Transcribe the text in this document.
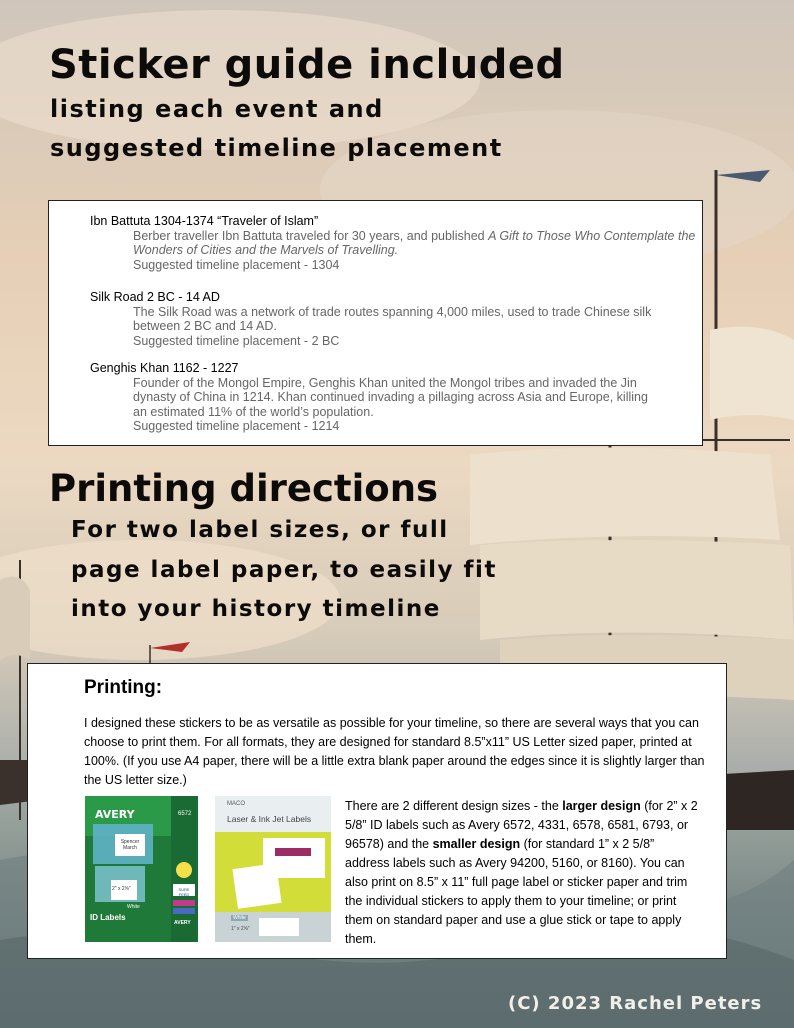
Sticker guide included
listing each event and
suggested timeline placement
Ibn Battuta 1304-1374 “Traveler of Islam”
Berber traveller Ibn Battuta traveled for 30 years, and published A Gift to Those Who Contemplate the Wonders of Cities and the Marvels of Travelling.
Suggested timeline placement - 1304
Silk Road 2 BC - 14 AD
The Silk Road was a network of trade routes spanning 4,000 miles, used to trade Chinese silk between 2 BC and 14 AD.
Suggested timeline placement - 2 BC
Genghis Khan 1162 - 1227
Founder of the Mongol Empire, Genghis Khan united the Mongol tribes and invaded the Jin dynasty of China in 1214. Khan continued invading a pillaging across Asia and Europe, killing an estimated 11% of the world’s population.
Suggested timeline placement - 1214
Printing directions
For two label sizes, or full
page label paper, to easily fit
into your history timeline
Printing:
I designed these stickers to be as versatile as possible for your timeline, so there are several ways that you can choose to print them. For all formats, they are designed for standard 8.5”x11” US Letter sized paper, printed at 100%. (If you use A4 paper, there will be a little extra blank paper around the edges since it is slightly larger than the US letter size.)
AVERY	6572
Spencer March
2" x 2⅝"
White
SURE FEED
ID Labels
AVERY
MACO
Laser & Ink Jet Labels
White
1" x 2⅝"
There are 2 different design sizes - the larger design (for 2” x 2 5/8” ID labels such as Avery 6572, 4331, 6578, 6581, 6793, or 96578) and the smaller design (for standard 1” x 2 5/8” address labels such as Avery 94200, 5160, or 8160). You can also print on 8.5” x 11” full page label or sticker paper and trim the individual stickers to apply them to your timeline; or print them on standard paper and use a glue stick or tape to apply them.
(C) 2023 Rachel Peters
